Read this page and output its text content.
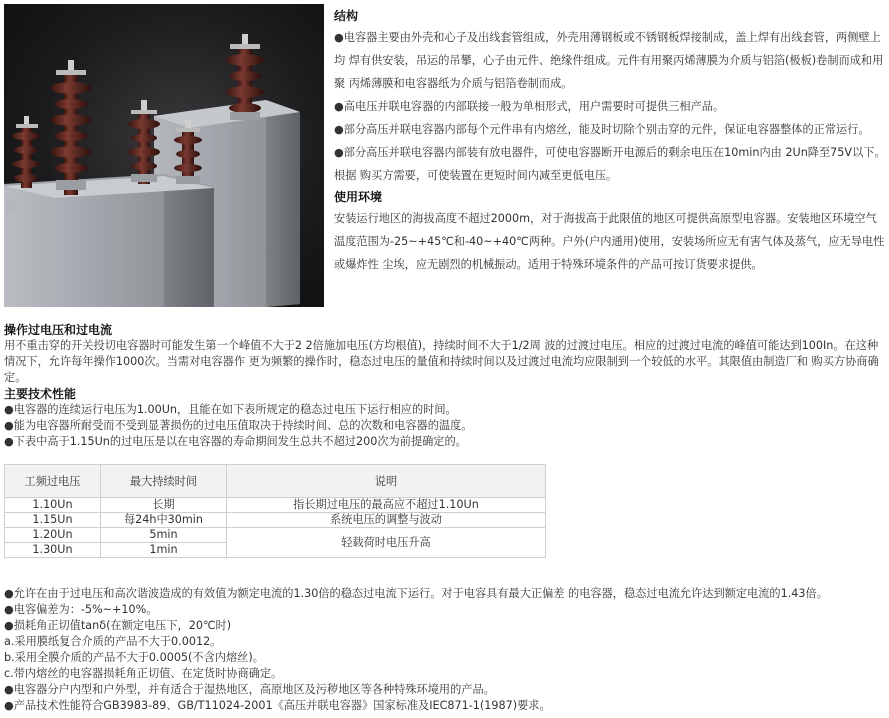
结构

●电容器主要由外壳和心子及出线套管组成，外壳用薄钢板或不锈钢板焊接制成，盖上焊有出线套管，两侧壁上均 焊有供安装，吊运的吊攀，心子由元件、绝缘件组成。元件有用聚丙烯薄膜为介质与铝箔(极板)卷制而成和用聚 丙烯薄膜和电容器纸为介质与铝箔卷制而成。

●高电压并联电容器的内部联接一般为单相形式，用户需要时可提供三相产品。

●部分高压并联电容器内部每个元件串有内熔丝，能及时切除个别击穿的元件，保证电容器整体的正常运行。

●部分高压并联电容器内部装有放电器件，可使电容器断开电源后的剩余电压在10min内由 2Un降至75V以下。根据 购买方需要，可使装置在更短时间内减至更低电压。

使用环境

安装运行地区的海拔高度不超过2000m，对于海拔高于此限值的地区可提供高原型电容器。安装地区环境空气 温度范围为-25~+45℃和-40~+40℃两种。户外(户内通用)使用，安装场所应无有害气体及蒸气，应无导电性或爆炸性 尘埃，应无剧烈的机械振动。适用于特殊环境条件的产品可按订货要求提供。

操作过电压和过电流

用不重击穿的开关投切电容器时可能发生第一个峰值不大于2 2倍施加电压(方均根值)，持续时间不大于1/2周 波的过渡过电压。相应的过渡过电流的峰值可能达到100In。在这种情况下，允许每年操作1000次。当需对电容器作 更为频繁的操作时，稳态过电压的量值和持续时间以及过渡过电流均应限制到一个较低的水平。其限值由制造厂和 购买方协商确定。

主要技术性能

●电容器的连续运行电压为1.00Un，且能在如下表所规定的稳态过电压下运行相应的时间。

●能为电容器所耐受而不受到显著损伤的过电压值取决于持续时间、总的次数和电容器的温度。

●下表中高于1.15Un的过电压是以在电容器的寿命期间发生总共不超过200次为前提确定的。

工频过电压	最大持续时间	说明
1.10Un	长期	指长期过电压的最高应不超过1.10Un
1.15Un	每24h中30min	系统电压的调整与波动
1.20Un	5min	轻载荷时电压升高
1.30Un	1min	

●允许在由于过电压和高次谐波造成的有效值为额定电流的1.30倍的稳态过电流下运行。对于电容具有最大正偏差 的电容器，稳态过电流允许达到额定电流的1.43倍。

●电容偏差为：-5%~+10%。

●损耗角正切值tanδ(在额定电压下，20℃时)

a.采用膜纸复合介质的产品不大于0.0012。

b.采用全膜介质的产品不大于0.0005(不含内熔丝)。

c.带内熔丝的电容器损耗角正切值、在定货时协商确定。

●电容器分户内型和户外型，并有适合于湿热地区，高原地区及污秽地区等各种特殊环境用的产品。

●产品技术性能符合GB3983-89、GB/T11024-2001《高压并联电容器》国家标准及IEC871-1(1987)要求。
